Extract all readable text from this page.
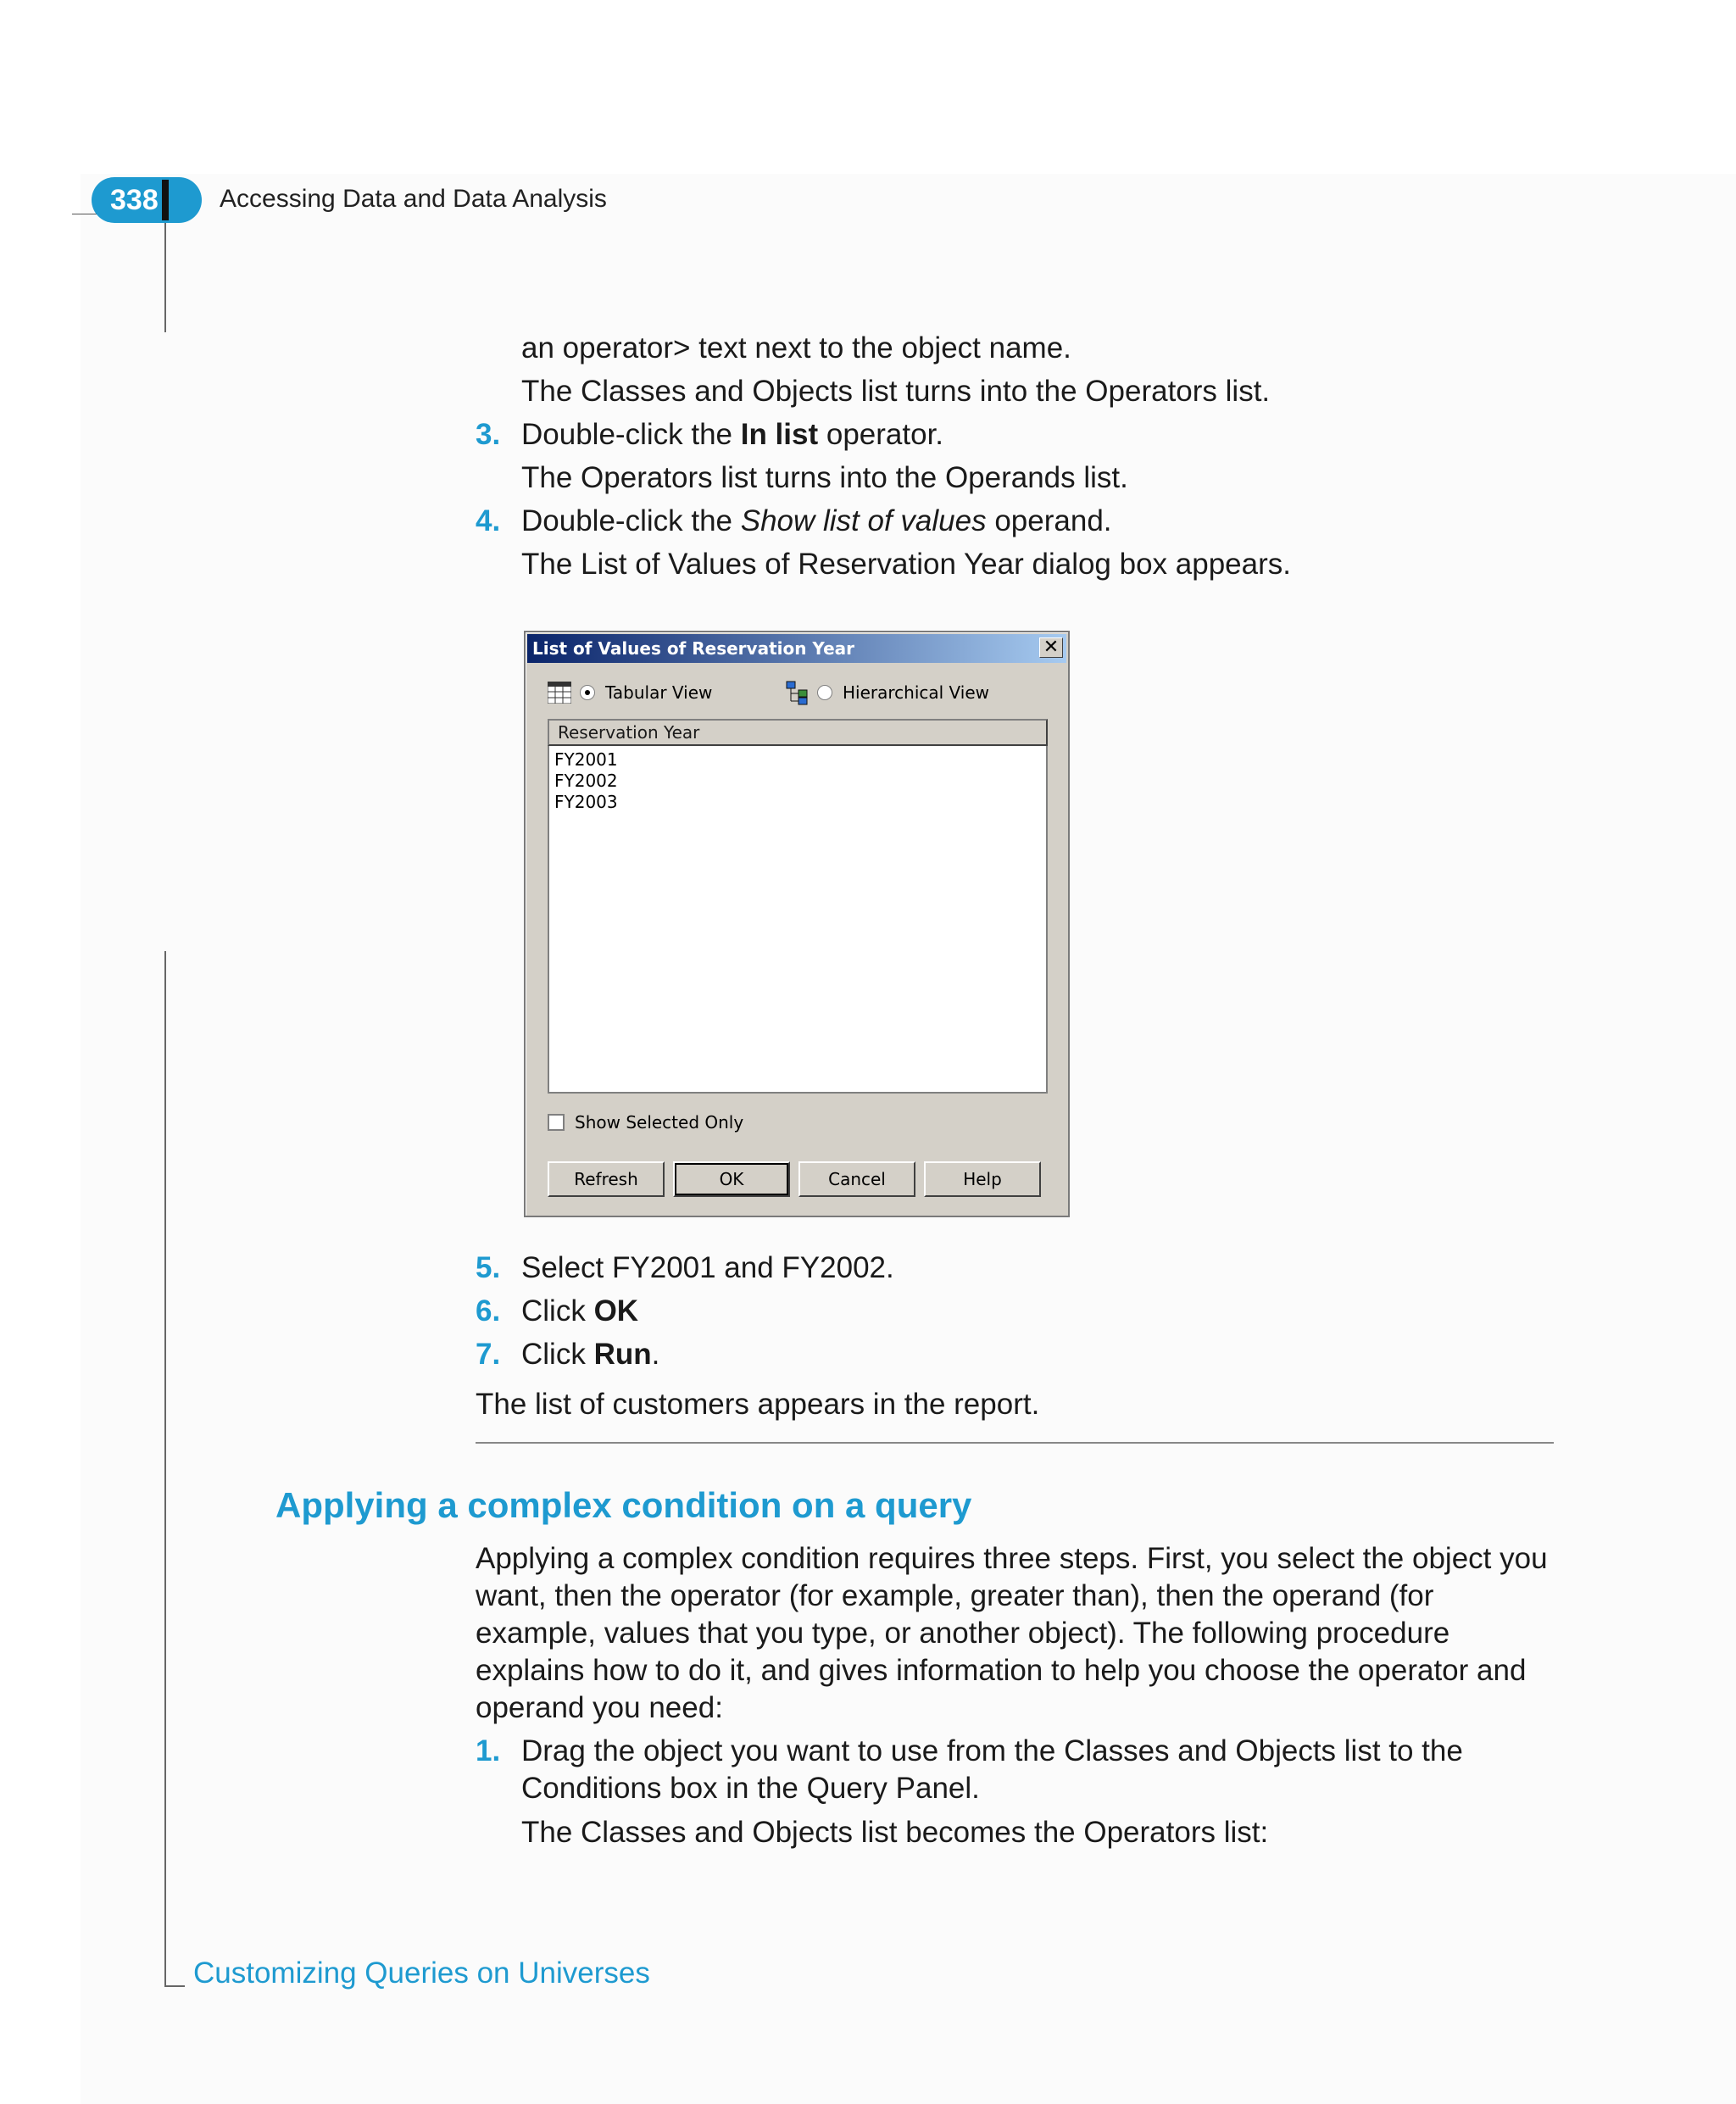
338	Accessing Data and Data Analysis
an operator> text next to the object name.
The Classes and Objects list turns into the Operators list.
3. Double-click the In list operator.
The Operators list turns into the Operands list.
4. Double-click the Show list of values operand.
The List of Values of Reservation Year dialog box appears.
List of Values of Reservation Year	✕
Tabular View	Hierarchical View
Reservation Year
FY2001
FY2002
FY2003
Show Selected Only
Refresh	OK	Cancel	Help
5. Select FY2001 and FY2002.
6. Click OK
7. Click Run.
The list of customers appears in the report.
Applying a complex condition on a query
Applying a complex condition requires three steps. First, you select the object you want, then the operator (for example, greater than), then the operand (for example, values that you type, or another object). The following procedure explains how to do it, and gives information to help you choose the operator and operand you need:
1. Drag the object you want to use from the Classes and Objects list to the Conditions box in the Query Panel.
The Classes and Objects list becomes the Operators list:
Customizing Queries on Universes
